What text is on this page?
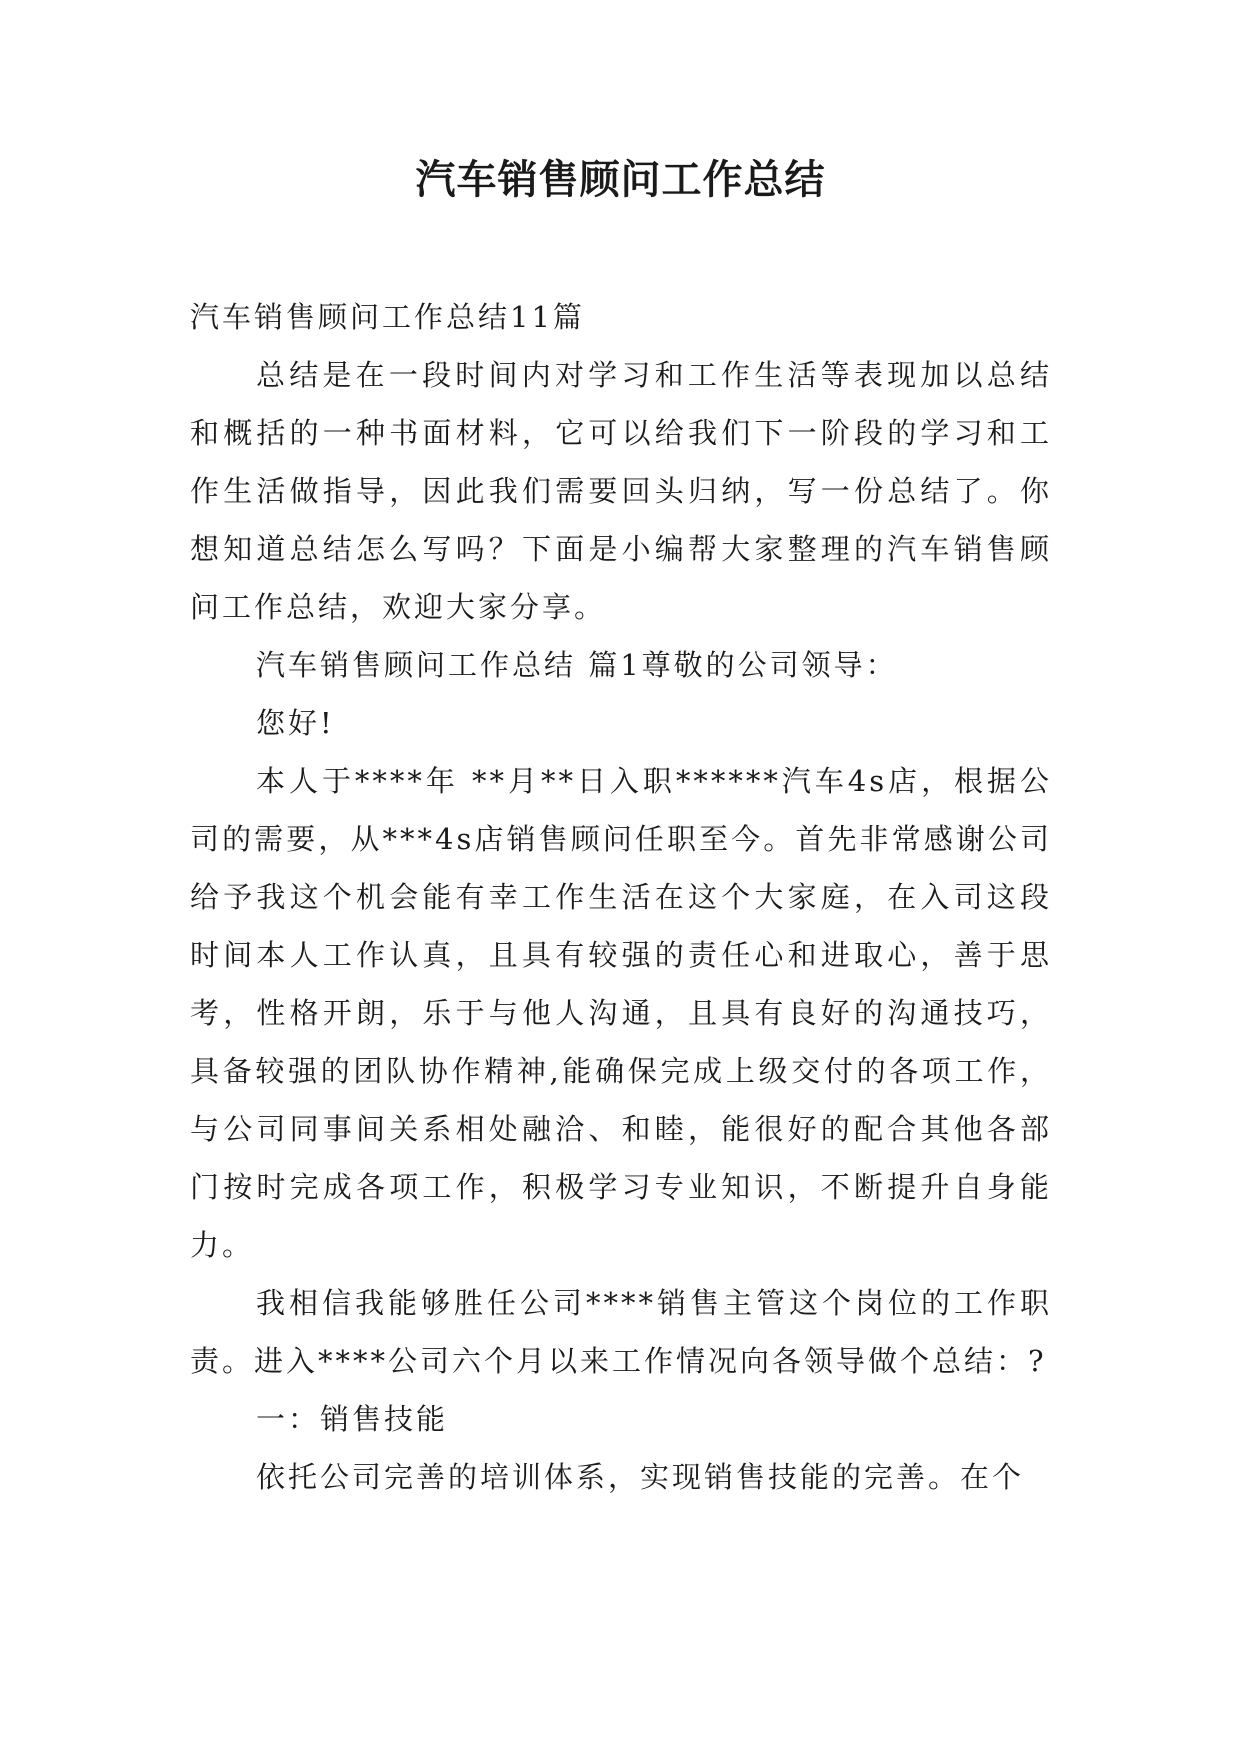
汽车销售顾问工作总结

汽车销售顾问工作总结11篇

总结是在一段时间内对学习和工作生活等表现加以总结和概括的一种书面材料，它可以给我们下一阶段的学习和工作生活做指导，因此我们需要回头归纳，写一份总结了。你想知道总结怎么写吗？下面是小编帮大家整理的汽车销售顾问工作总结，欢迎大家分享。

汽车销售顾问工作总结 篇1尊敬的公司领导：

您好!

本人于****年 **月**日入职******汽车4s店，根据公司的需要，从***4s店销售顾问任职至今。首先非常感谢公司给予我这个机会能有幸工作生活在这个大家庭，在入司这段时间本人工作认真，且具有较强的责任心和进取心，善于思考，性格开朗，乐于与他人沟通，且具有良好的沟通技巧，具备较强的团队协作精神,能确保完成上级交付的各项工作，与公司同事间关系相处融洽、和睦，能很好的配合其他各部门按时完成各项工作，积极学习专业知识，不断提升自身能力。

我相信我能够胜任公司****销售主管这个岗位的工作职责。进入****公司六个月以来工作情况向各领导做个总结：?

一：销售技能

依托公司完善的培训体系，实现销售技能的完善。在个
